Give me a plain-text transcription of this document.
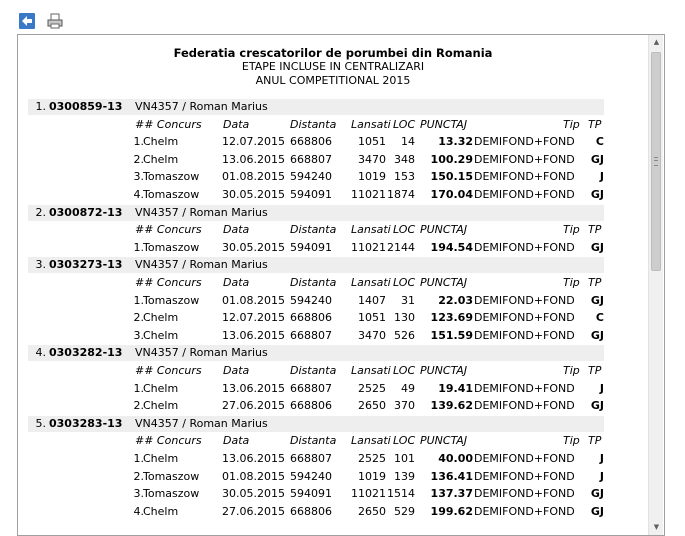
Federatia crescatorilor de porumbei din Romania
ETAPE INCLUSE IN CENTRALIZARI
ANUL COMPETITIONAL 2015
1. 0300859-13	VN4357 / Roman Marius
## Concurs	Data	Distanta	Lansati LOC PUNCTAJ	Tip TP
1. Chelm	12.07.2015 668806	1051	14	13.32 DEMIFOND+FOND	C
2. Chelm	13.06.2015 668807	3470 348	100.29 DEMIFOND+FOND	GJ
3. Tomaszow	01.08.2015 594240	1019 153	150.15 DEMIFOND+FOND	J
4. Tomaszow	30.05.2015 594091	11021 1874	170.04 DEMIFOND+FOND	GJ
2. 0300872-13	VN4357 / Roman Marius
## Concurs	Data	Distanta	Lansati LOC PUNCTAJ	Tip TP
1. Tomaszow	30.05.2015 594091	11021 2144	194.54 DEMIFOND+FOND	GJ
3. 0303273-13	VN4357 / Roman Marius
## Concurs	Data	Distanta	Lansati LOC PUNCTAJ	Tip TP
1. Tomaszow	01.08.2015 594240	1407	31	22.03 DEMIFOND+FOND	GJ
2. Chelm	12.07.2015 668806	1051 130	123.69 DEMIFOND+FOND	C
3. Chelm	13.06.2015 668807	3470 526	151.59 DEMIFOND+FOND	GJ
4. 0303282-13	VN4357 / Roman Marius
## Concurs	Data	Distanta	Lansati LOC PUNCTAJ	Tip TP
1. Chelm	13.06.2015 668807	2525	49	19.41 DEMIFOND+FOND	J
2. Chelm	27.06.2015 668806	2650 370	139.62 DEMIFOND+FOND	GJ
5. 0303283-13	VN4357 / Roman Marius
## Concurs	Data	Distanta	Lansati LOC PUNCTAJ	Tip TP
1. Chelm	13.06.2015 668807	2525 101	40.00 DEMIFOND+FOND	J
2. Tomaszow	01.08.2015 594240	1019 139	136.41 DEMIFOND+FOND	J
3. Tomaszow	30.05.2015 594091	11021 1514	137.37 DEMIFOND+FOND	GJ
4. Chelm	27.06.2015 668806	2650 529	199.62 DEMIFOND+FOND	GJ
▲
▼
